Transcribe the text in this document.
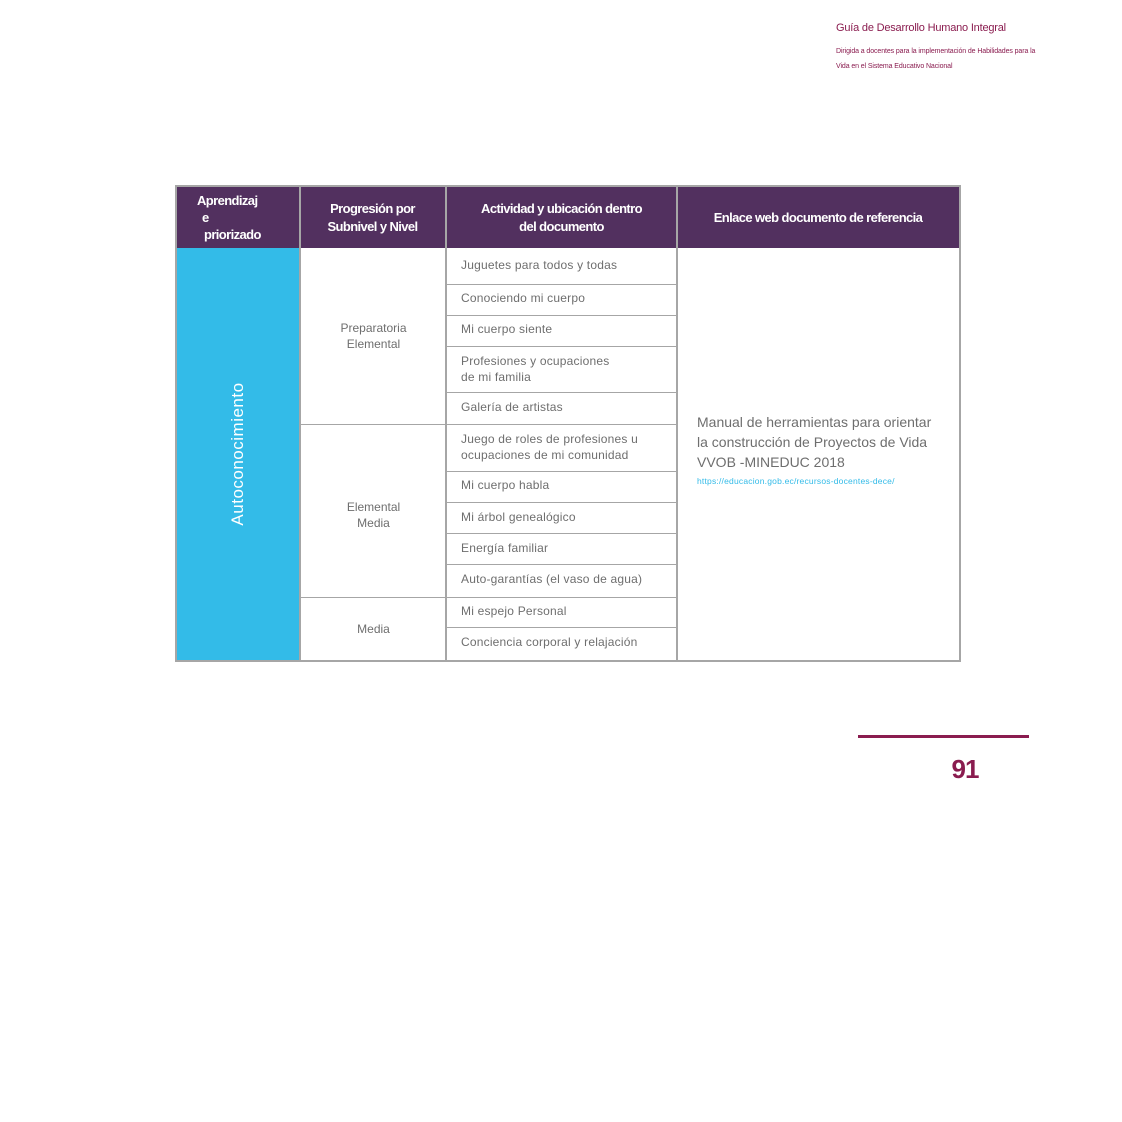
Guía de Desarrollo Humano Integral
Dirigida a docentes para la implementación de Habilidades para la
Vida en el Sistema Educativo Nacional
Aprendizaj
e
priorizado
Progresión por
Subnivel y Nivel
Actividad y ubicación dentro
del documento
Enlace web documento de referencia
Autoconocimiento
Preparatoria
Elemental
Elemental
Media
Media
Juguetes para todos y todas
Conociendo mi cuerpo
Mi cuerpo siente
Profesiones y ocupaciones
de mi familia
Galería de artistas
Juego de roles de profesiones u
ocupaciones de mi comunidad
Mi cuerpo habla
Mi árbol genealógico
Energía familiar
Auto-garantías (el vaso de agua)
Mi espejo Personal
Conciencia corporal y relajación
Manual de herramientas para orientar
la construcción de Proyectos de Vida
VVOB -MINEDUC 2018
https://educacion.gob.ec/recursos-docentes-dece/
91
